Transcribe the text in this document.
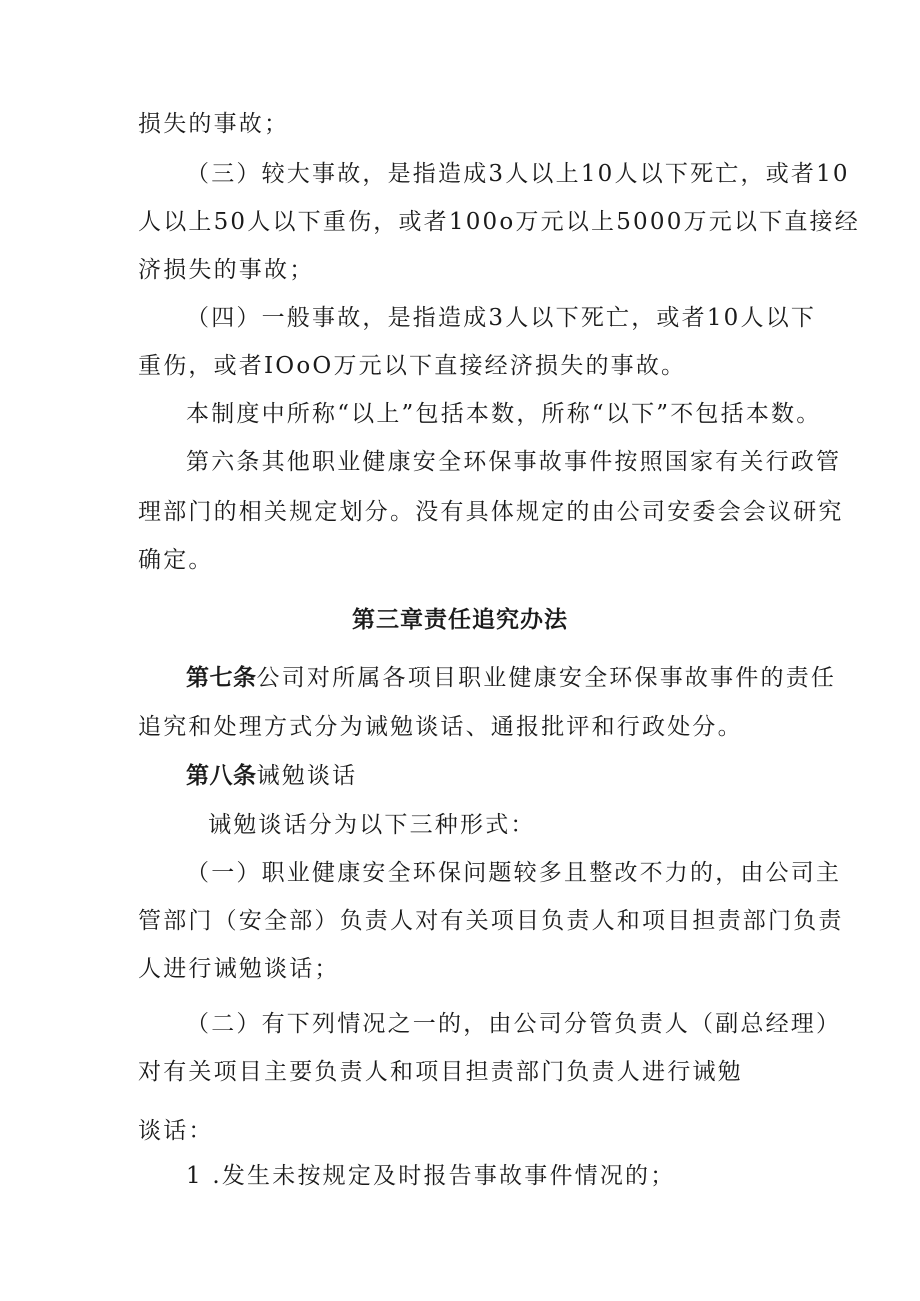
损失的事故；
（三）较大事故，是指造成3人以上10人以下死亡，或者10
人以上50人以下重伤，或者100o万元以上5000万元以下直接经
济损失的事故；
（四）一般事故，是指造成3人以下死亡，或者10人以下
重伤，或者IOoO万元以下直接经济损失的事故。
本制度中所称“以上”包括本数，所称“以下”不包括本数。
第六条其他职业健康安全环保事故事件按照国家有关行政管
理部门的相关规定划分。没有具体规定的由公司安委会会议研究
确定。
第三章责任追究办法
第七条公司对所属各项目职业健康安全环保事故事件的责任
追究和处理方式分为诫勉谈话、通报批评和行政处分。
第八条诫勉谈话
诫勉谈话分为以下三种形式：
（一）职业健康安全环保问题较多且整改不力的，由公司主
管部门（安全部）负责人对有关项目负责人和项目担责部门负责
人进行诫勉谈话；
（二）有下列情况之一的，由公司分管负责人（副总经理）
对有关项目主要负责人和项目担责部门负责人进行诫勉
谈话：
1 .发生未按规定及时报告事故事件情况的；
